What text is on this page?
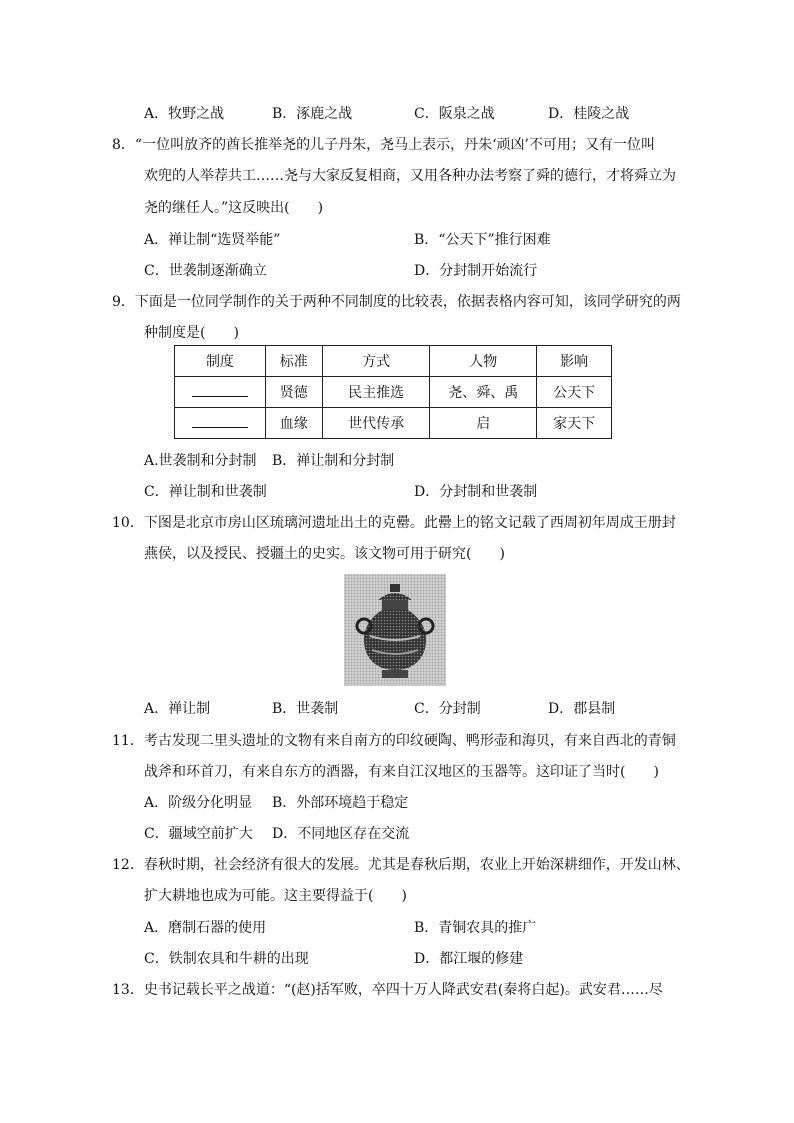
A．牧野之战	B．涿鹿之战	C．阪泉之战	D．桂陵之战
8．“一位叫放齐的酋长推举尧的儿子丹朱，尧马上表示，丹朱‘顽凶’不可用；又有一位叫
欢兜的人举荐共工……尧与大家反复相商，又用各种办法考察了舜的德行，才将舜立为
尧的继任人。”这反映出(　　)
A．禅让制“选贤举能”	B．“公天下”推行困难
C．世袭制逐渐确立	D．分封制开始流行
9．下面是一位同学制作的关于两种不同制度的比较表，依据表格内容可知，该同学研究的两
种制度是(　　)
制度	标准	方式	人物	影响
	贤德	民主推选	尧、舜、禹	公天下
	血缘	世代传承	启	家天下
A.世袭制和分封制 B．禅让制和分封制
C．禅让制和世袭制	D．分封制和世袭制
10．下图是北京市房山区琉璃河遗址出土的克罍。此罍上的铭文记载了西周初年周成王册封
燕侯，以及授民、授疆土的史实。该文物可用于研究(　　)
A．禅让制	B．世袭制	C．分封制	D．郡县制
11．考古发现二里头遗址的文物有来自南方的印纹硬陶、鸭形壶和海贝，有来自西北的青铜
战斧和环首刀，有来自东方的酒器，有来自江汉地区的玉器等。这印证了当时(　　)
A．阶级分化明显 B．外部环境趋于稳定
C．疆域空前扩大 D．不同地区存在交流
12．春秋时期，社会经济有很大的发展。尤其是春秋后期，农业上开始深耕细作，开发山林、
扩大耕地也成为可能。这主要得益于(　　)
A．磨制石器的使用	B．青铜农具的推广
C．铁制农具和牛耕的出现	D．都江堰的修建
13．史书记载长平之战道：“(赵)括军败，卒四十万人降武安君(秦将白起)。武安君……尽
